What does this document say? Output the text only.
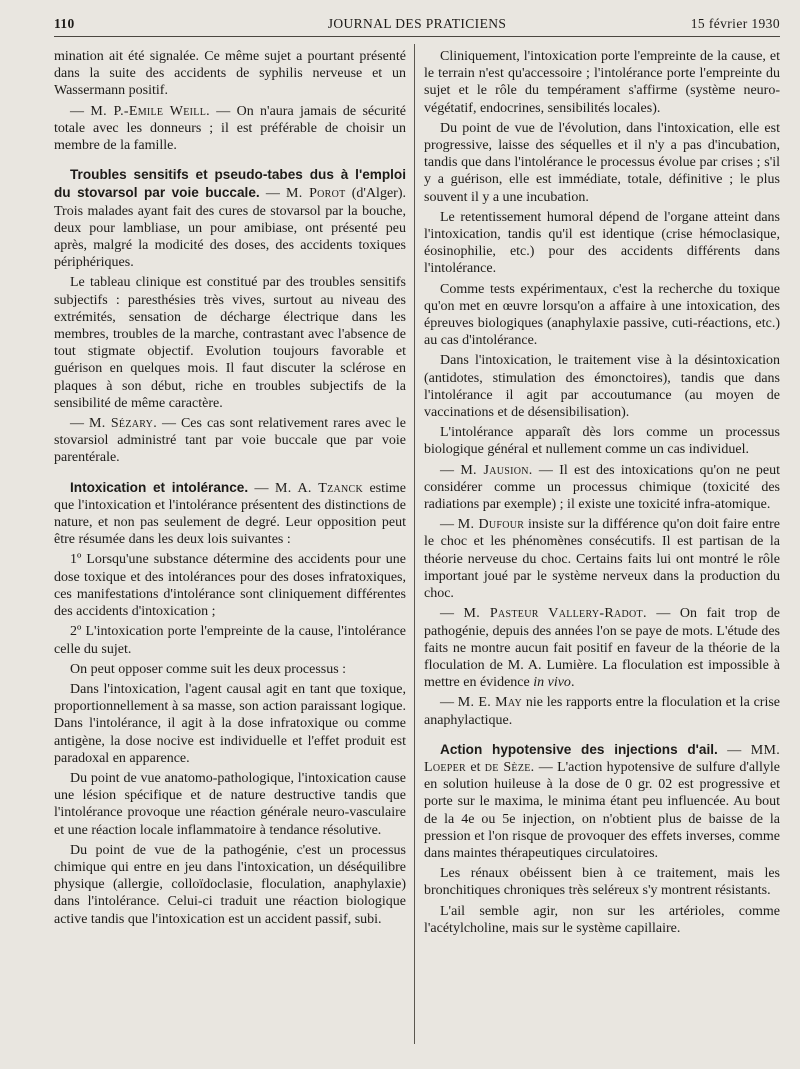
JOURNAL DES PRATICIENS
110	15 février 1930

mination ait été signalée. Ce même sujet a pourtant présenté dans la suite des accidents de syphilis nerveuse et un Wassermann positif.

— M. P.-Emile Weill. — On n'aura jamais de sécurité totale avec les donneurs ; il est préférable de choisir un membre de la famille.

Troubles sensitifs et pseudo-tabes dus à l'emploi du stovarsol par voie buccale. — M. Porot (d'Alger). Trois malades ayant fait des cures de stovarsol par la bouche, deux pour lambliase, un pour amibiase, ont présenté peu après, malgré la modicité des doses, des accidents toxiques périphériques.

Le tableau clinique est constitué par des troubles sensitifs subjectifs : paresthésies très vives, surtout au niveau des extrémités, sensation de décharge électrique dans les membres, troubles de la marche, contrastant avec l'absence de tout stigmate objectif. Evolution toujours favorable et guérison en quelques mois. Il faut discuter la sclérose en plaques à son début, riche en troubles subjectifs de la sensibilité de même caractère.

— M. Sézary. — Ces cas sont relativement rares avec le stovarsiol administré tant par voie buccale que par voie parentérale.

Intoxication et intolérancе. — M. A. Tzanck estime que l'intoxication et l'intolérance présentent des distinctions de nature, et non pas seulement de degré. Leur opposition peut être résumée dans les deux lois suivantes :

1º Lorsqu'une substance détermine des accidents pour une dose toxique et des intolérances pour des doses infratoxiques, ces manifestations d'intolérance sont cliniquement différentes des accidents d'intoxication ;

2º L'intoxication porte l'empreinte de la cause, l'intolérance celle du sujet.

On peut opposer comme suit les deux processus :

Dans l'intoxication, l'agent causal agit en tant que toxique, proportionnellement à sa masse, son action paraissant logique. Dans l'intolérance, il agit à la dose infratoxique ou comme antigène, la dose nocive est individuelle et l'effet produit est paradoxal en apparence.

Du point de vue anatomo-pathologique, l'intoxication cause une lésion spécifique et de nature destructive tandis que l'intolérance provoque une réaction générale neuro-vasculaire et une réaction locale inflammatoire à tendance résolutive.

Du point de vue de la pathogénie, c'est un processus chimique qui entre en jeu dans l'intoxication, un déséquilibre physique (allergie, colloïdoclasie, floculation, anaphylaxie) dans l'intolérance. Celui-ci traduit une réaction biologique active tandis que l'intoxication est un accident passif, subi.

Cliniquement, l'intoxication porte l'empreinte de la cause, et le terrain n'est qu'accessoire ; l'intolérance porte l'empreinte du sujet et le rôle du tempérament s'affirme (système neuro-végétatif, endocrines, sensibilités locales).

Du point de vue de l'évolution, dans l'intoxication, elle est progressive, laisse des séquelles et il n'y a pas d'incubation, tandis que dans l'intolérance le processus évolue par crises ; s'il y a guérison, elle est immédiate, totale, définitive ; le plus souvent il y a une incubation.

Le retentissement humoral dépend de l'organe atteint dans l'intoxication, tandis qu'il est identique (crise hémoclasique, éosinophilie, etc.) pour des accidents différents dans l'intolérance.

Comme tests expérimentaux, c'est la recherche du toxique qu'on met en œuvre lorsqu'on a affaire à une intoxication, des épreuves biologiques (anaphylaxie passive, cuti-réactions, etc.) au cas d'intolérance.

Dans l'intoxication, le traitement vise à la désintoxication (antidotes, stimulation des émonctoires), tandis que dans l'intolérance il agit par accoutumance (au moyen de vaccinations et de désensibilisation).

L'intolérance apparaît dès lors comme un processus biologique général et nullement comme un cas individuel.

— M. Jausion. — Il est des intoxications qu'on ne peut considérer comme un processus chimique (toxicité des radiations par exemple) ; il existe une toxicité infra-atomique.

— M. Dufour insiste sur la différence qu'on doit faire entre le choc et les phénomènes consécutifs. Il est partisan de la théorie nerveuse du choc. Certains faits lui ont montré le rôle important joué par le système nerveux dans la production du choc.

— M. Pasteur Vallery-Radot. — On fait trop de pathogénie, depuis des années l'on se paye de mots. L'étude des faits ne montre aucun fait positif en faveur de la théorie de la floculation de M. A. Lumière. La floculation est impossible à mettre en évidence in vivo.

— M. E. May nie les rapports entre la floculation et la crise anaphylactique.

Action hypotensive des injections d'ail. — MM. Loeper et de Sèze. — L'action hypotensive de sulfure d'allyle en solution huileuse à la dose de 0 gr. 02 est progressive et porte sur le maxima, le minima étant peu influencée. Au bout de la 4e ou 5e injection, on n'obtient plus de baisse de la pression et l'on risque de provoquer des effets inverses, comme dans maintes thérapeutiques circulatoires.

Les rénaux obéissent bien à ce traitement, mais les bronchitiques chroniques très seléreux s'y montrent résistants.

L'ail semble agir, non sur les artérioles, comme l'acétylcholine, mais sur le système capillaire.
